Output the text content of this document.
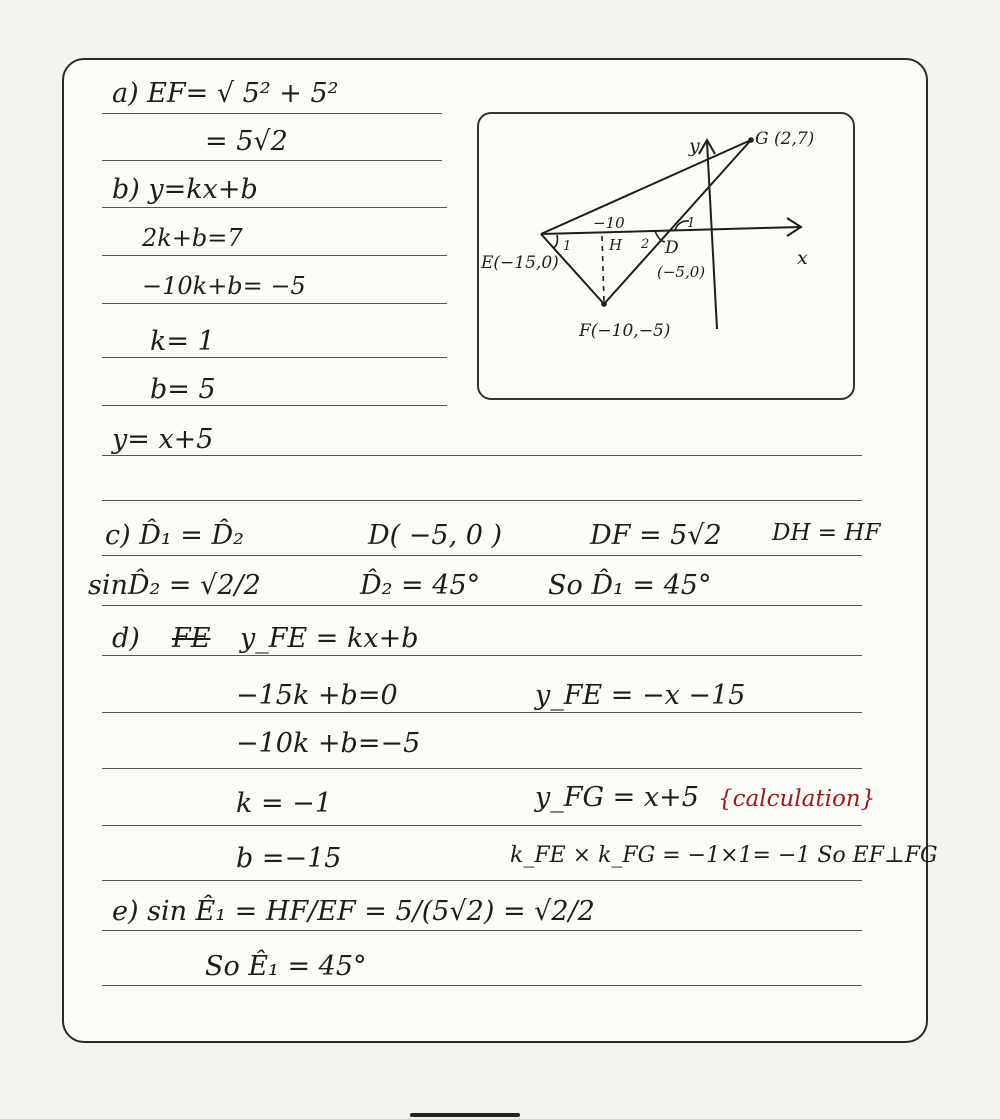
a) EF= √ 5² + 5²
= 5√2
b) y=kx+b
2k+b=7
−10k+b= −5
k= 1
b= 5
y= x+5
c) D̂₁ = D̂₂	D( −5, 0 )	DF = 5√2 DH = HF
sinD̂₂ = √2/2	D̂₂ = 45°	So D̂₁ = 45°
d) FE y_FE = kx+b
−15k +b=0	y_FE = −x −15
−10k +b=−5
k = −1	y_FG = x+5 {calculation}
b =−15	k_FE × k_FG = −1×1= −1 So EF⊥FG
e) sin Ê₁ = HF/EF = 5/(5√2) = √2/2
So Ê₁ = 45°
y
x
G (2,7)
E(−15,0)
D
(−5,0)
F(−10,−5)
H
−10
1	2
1
